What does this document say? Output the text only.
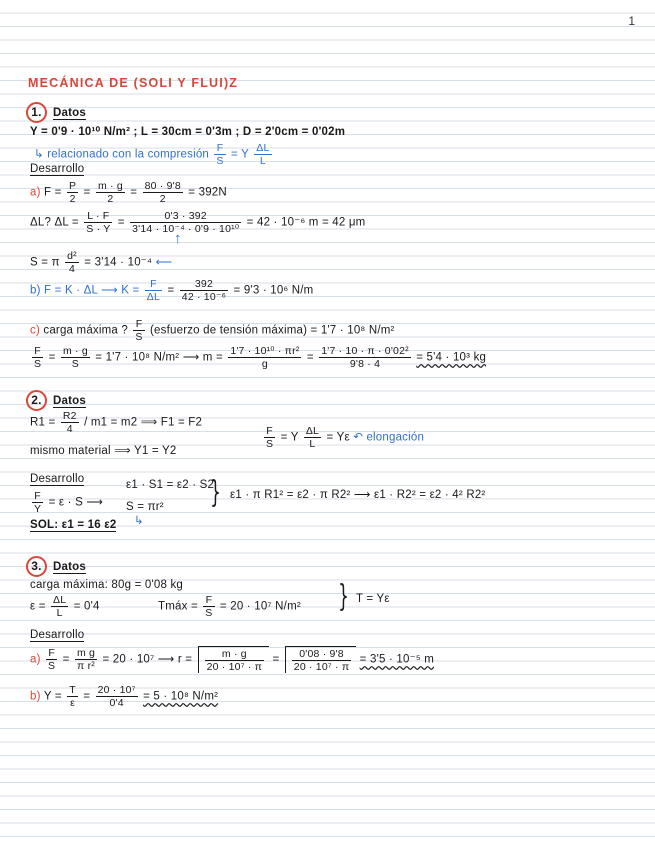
1
MECÁNICA DE (SOLI Y FLUI)Z
1. Datos
Y = 0'9 · 10¹⁰ N/m² ; L = 30cm = 0'3m ; D = 2'0cm = 0'02m
↳ relacionado con la compresión $\frac{F}{S} = Y \frac{\Delta L}{L}$
Desarrollo
a) $F = \frac{P}{2} = \frac{m \cdot g}{2} = \frac{80 \cdot 9'8}{2} = 392N$
ΔL? $\Delta L = \frac{L \cdot F}{S \cdot Y} = \frac{0'3 \cdot 392}{\text{3'14 · 10⁻⁴ · 0'9 · 10¹⁰}} = 42 \cdot 10^{-6}$ m = 42 μm
↑
S = π $\frac{\text{d²}}{4} = 3'14 \cdot 10^{-4}$ ⟵
b) F = K · ΔL ⟶ $K = \frac{F}{\Delta L} = \frac{392}{\text{42 · 10⁻⁶}} = 9'3 \cdot 10^6$ N/m
c) carga máxima ? $\frac{F}{S}$ (esfuerzo de tensión máxima) = 1'7 · 10⁸ N/m²
$\frac{F}{S} = \frac{m \cdot g}{S} = 1'7 \cdot 10^8$ N/m² ⟶ $m = \frac{\text{1'7 · 10¹⁰ · πr²}}{g} = \frac{\text{1'7 · 10 · π · 0'02²}}{9'8 \cdot 4} = 5'4 \cdot 10^3$ kg
2. Datos
$R1 = \frac{R2}{4} / m1 = m2$ ⟹ F1 = F2
$\frac{F}{S} = Y \frac{\Delta L}{L} = Y\varepsilon$ ↶ elongación
mismo material ⟹ Y1 = Y2
Desarrollo
$\frac{F}{Y} = \varepsilon \cdot S$ ⟶
ε1 · S1 = ε2 · S2
S = πr² } ε1 · π R1² = ε2 · π R2² ⟶ ε1 · R2² = ε2 · 4² R2²
SOL: ε1 = 16 ε2 ↳
3. Datos
carga máxima: 80g = 0'08 kg
$\varepsilon = \frac{\Delta L}{L} = 0'4$	Tmáx = $\frac{F}{S} = 20 \cdot 10^7$ N/m² } T = Yε
Desarrollo
$a) \frac{F}{S} = \frac{\text{m g}}{\text{π r²}} = 20 \cdot 10^7$ ⟶ $r = \frac{m \cdot g}{\text{20 · 10⁷ · π}} = \frac{0'08 \cdot 9'8}{\text{20 · 10⁷ · π}} = 3'5 \cdot 10^{-5}$ m
b) $Y = \frac{T}{\varepsilon} = \frac{\text{20 · 10⁷}}{0'4} = 5 \cdot 10^8$ N/m²
